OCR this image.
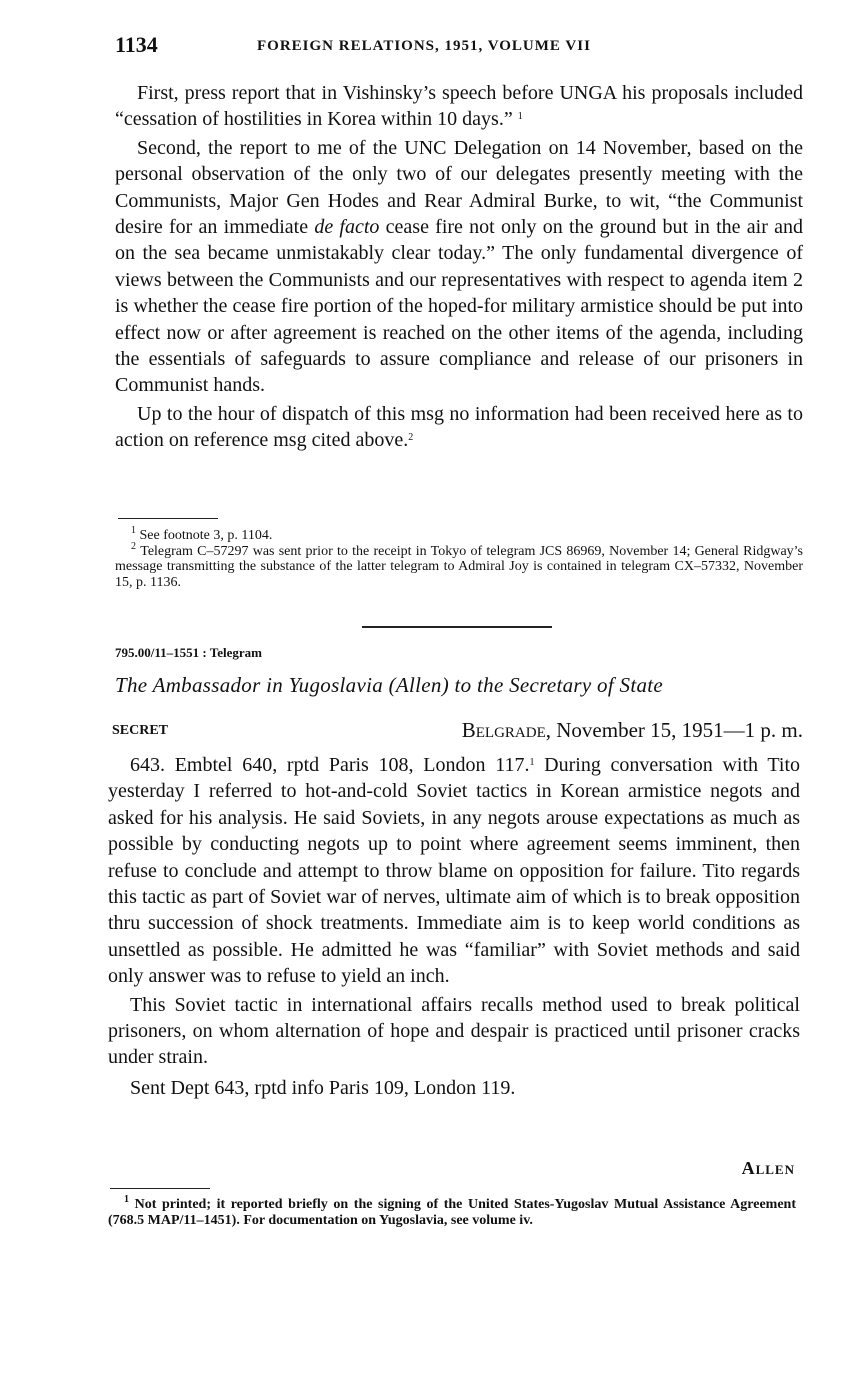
1134	FOREIGN RELATIONS, 1951, VOLUME VII

First, press report that in Vishinsky’s speech before UNGA his proposals included “cessation of hostilities in Korea within 10 days.” $^1$

Second, the report to me of the UNC Delegation on 14 November, based on the personal observation of the only two of our delegates presently meeting with the Communists, Major Gen Hodes and Rear Admiral Burke, to wit, “the Communist desire for an immediate de facto cease fire not only on the ground but in the air and on the sea became unmistakably clear today.” The only fundamental divergence of views between the Communists and our representatives with respect to agenda item 2 is whether the cease fire portion of the hoped-for military armistice should be put into effect now or after agreement is reached on the other items of the agenda, including the essentials of safeguards to assure compliance and release of our prisoners in Communist hands.

Up to the hour of dispatch of this msg no information had been received here as to action on reference msg cited above.$^2$

$^1$ See footnote 3, p. 1104.

$^2$ Telegram C–57297 was sent prior to the receipt in Tokyo of telegram JCS 86969, November 14; General Ridgway’s message transmitting the substance of the latter telegram to Admiral Joy is contained in telegram CX–57332, November 15, p. 1136.

795.00/11–1551 : Telegram
The Ambassador in Yugoslavia (Allen) to the Secretary of State
SECRET	Belgrade, November 15, 1951—1 p. m.

643. Embtel 640, rptd Paris 108, London 117.$^1$ During conversation with Tito yesterday I referred to hot-and-cold Soviet tactics in Korean armistice negots and asked for his analysis. He said Soviets, in any negots arouse expectations as much as possible by conducting negots up to point where agreement seems imminent, then refuse to conclude and attempt to throw blame on opposition for failure. Tito regards this tactic as part of Soviet war of nerves, ultimate aim of which is to break opposition thru succession of shock treatments. Immediate aim is to keep world conditions as unsettled as possible. He admitted he was “familiar” with Soviet methods and said only answer was to refuse to yield an inch.

This Soviet tactic in international affairs recalls method used to break political prisoners, on whom alternation of hope and despair is practiced until prisoner cracks under strain.

Sent Dept 643, rptd info Paris 109, London 119.

Allen

$^1$ Not printed; it reported briefly on the signing of the United States-Yugoslav Mutual Assistance Agreement (768.5 MAP/11–1451). For documentation on Yugoslavia, see volume iv.
